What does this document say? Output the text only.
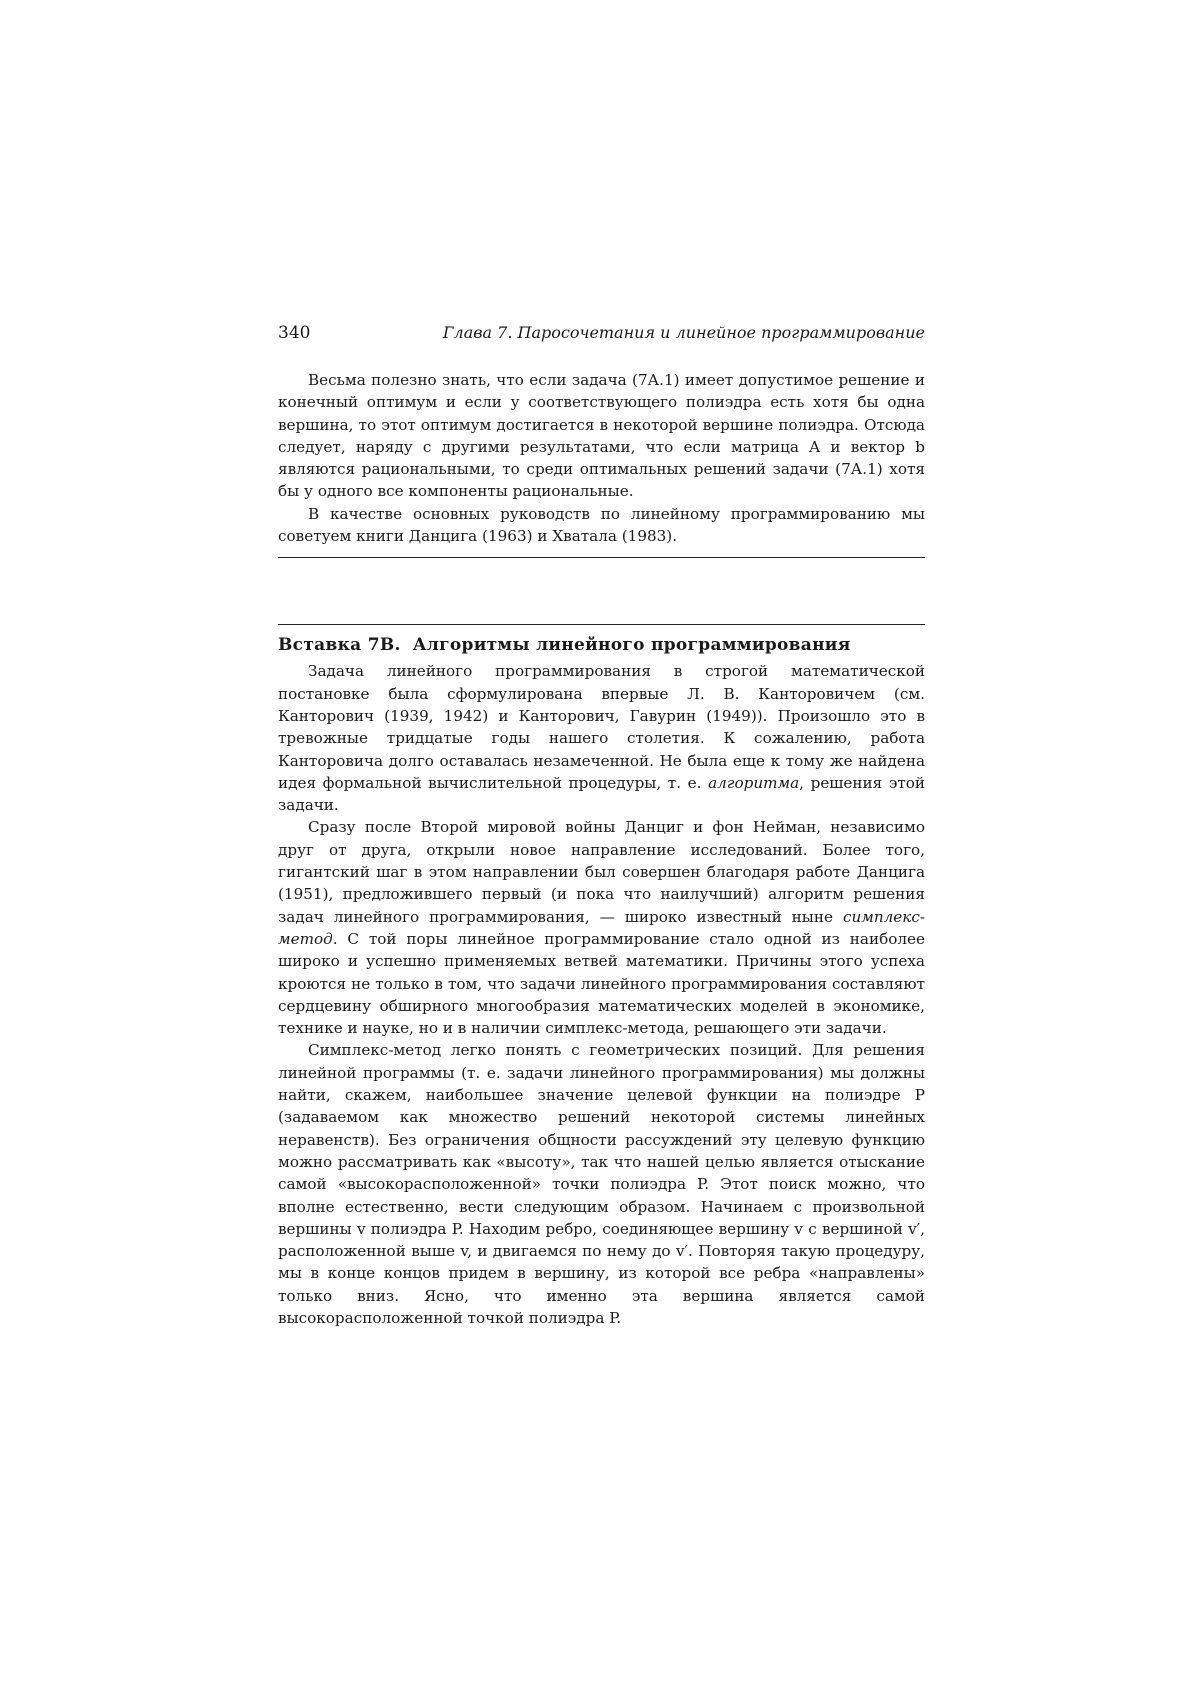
340	Глава 7. Паросочетания и линейное программирование

Весьма полезно знать, что если задача (7А.1) имеет допустимое решение и конечный оптимум и если у соответствующего полиэдра есть хотя бы одна вершина, то этот оптимум достигается в некоторой вершине полиэдра. Отсюда следует, наряду с другими результатами, что если матрица A и вектор b являются рациональными, то среди оптимальных решений задачи (7А.1) хотя бы у одного все компоненты рациональные.

В качестве основных руководств по линейному программированию мы советуем книги Данцига (1963) и Хватала (1983).

Вставка 7В. Алгоритмы линейного программирования

Задача линейного программирования в строгой математической постановке была сформулирована впервые Л. В. Канторовичем (см. Канторович (1939, 1942) и Канторович, Гавурин (1949)). Произошло это в тревожные тридцатые годы нашего столетия. К сожалению, работа Канторовича долго оставалась незамеченной. Не была еще к тому же найдена идея формальной вычислительной процедуры, т. е. алгоритма, решения этой задачи.

Сразу после Второй мировой войны Данциг и фон Нейман, независимо друг от друга, открыли новое направление исследований. Более того, гигантский шаг в этом направлении был совершен благодаря работе Данцига (1951), предложившего первый (и пока что наилучший) алгоритм решения задач линейного программирования, — широко известный ныне симплекс-метод. С той поры линейное программирование стало одной из наиболее широко и успешно применяемых ветвей математики. Причины этого успеха кроются не только в том, что задачи линейного программирования составляют сердцевину обширного многообразия математических моделей в экономике, технике и науке, но и в наличии симплекс-метода, решающего эти задачи.

Симплекс-метод легко понять с геометрических позиций. Для решения линейной программы (т. е. задачи линейного программирования) мы должны найти, скажем, наибольшее значение целевой функции на полиэдре P (задаваемом как множество решений некоторой системы линейных неравенств). Без ограничения общности рассуждений эту целевую функцию можно рассматривать как «высоту», так что нашей целью является отыскание самой «высокорасположенной» точки полиэдра P. Этот поиск можно, что вполне естественно, вести следующим образом. Начинаем с произвольной вершины v полиэдра P. Находим ребро, соединяющее вершину v с вершиной v′, расположенной выше v, и двигаемся по нему до v′. Повторяя такую процедуру, мы в конце концов придем в вершину, из которой все ребра «направлены» только вниз. Ясно, что именно эта вершина является самой высокорасположенной точкой полиэдра P.
